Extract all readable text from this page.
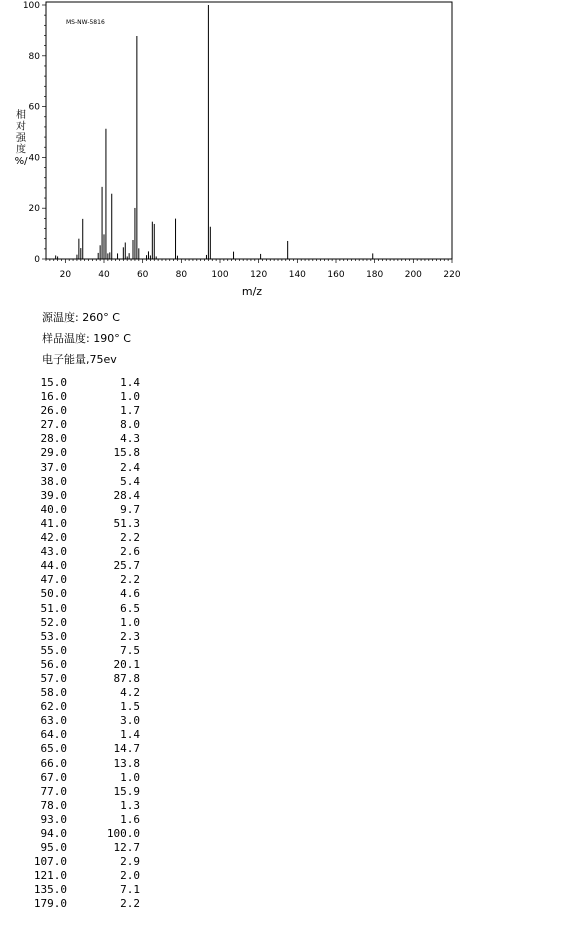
MS-NW-5816
m/z
相
对
强
度
%/
20	40	60	80	100 120 140 160 180 200 220
0
20
40
60
80
100
源温度: 260° C
样品温度: 190° C
电子能量,75ev
15.0	1.4
16.0	1.0
26.0	1.7
27.0	8.0
28.0	4.3
29.0	15.8
37.0	2.4
38.0	5.4
39.0	28.4
40.0	9.7
41.0	51.3
42.0	2.2
43.0	2.6
44.0	25.7
47.0	2.2
50.0	4.6
51.0	6.5
52.0	1.0
53.0	2.3
55.0	7.5
56.0	20.1
57.0	87.8
58.0	4.2
62.0	1.5
63.0	3.0
64.0	1.4
65.0	14.7
66.0	13.8
67.0	1.0
77.0	15.9
78.0	1.3
93.0	1.6
94.0	100.0
95.0	12.7
107.0	2.9
121.0	2.0
135.0	7.1
179.0	2.2
